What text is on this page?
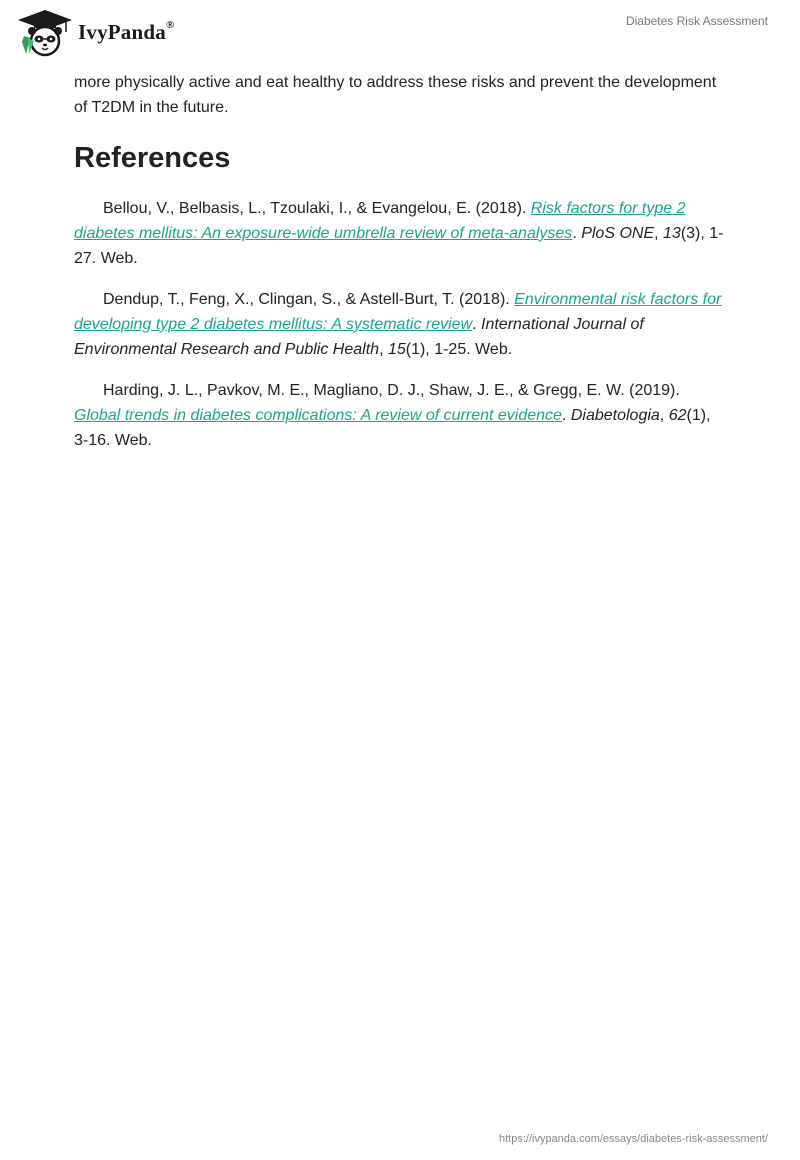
IvyPanda®	Diabetes Risk Assessment

more physically active and eat healthy to address these risks and prevent the development of T2DM in the future.

References

Bellou, V., Belbasis, L., Tzoulaki, I., & Evangelou, E. (2018). Risk factors for type 2 diabetes mellitus: An exposure-wide umbrella review of meta-analyses. PloS ONE, 13(3), 1-27. Web.

Dendup, T., Feng, X., Clingan, S., & Astell-Burt, T. (2018). Environmental risk factors for developing type 2 diabetes mellitus: A systematic review. International Journal of Environmental Research and Public Health, 15(1), 1-25. Web.

Harding, J. L., Pavkov, M. E., Magliano, D. J., Shaw, J. E., & Gregg, E. W. (2019). Global trends in diabetes complications: A review of current evidence. Diabetologia, 62(1), 3-16. Web.

https://ivypanda.com/essays/diabetes-risk-assessment/
